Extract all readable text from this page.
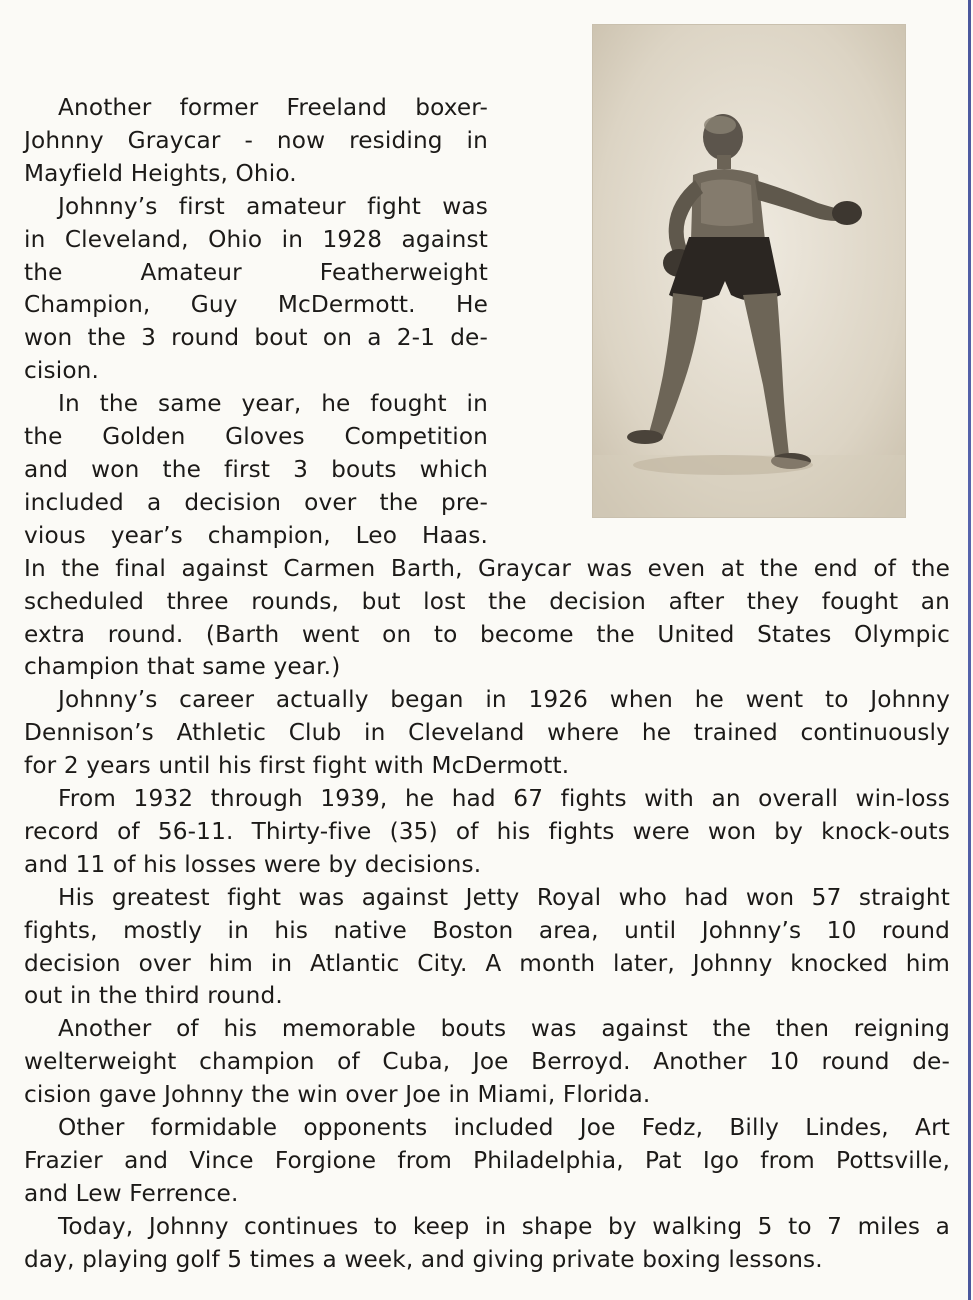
Another former Freeland boxer-
Johnny Graycar - now residing in
Mayfield Heights, Ohio.
Johnny’s first amateur fight was
in Cleveland, Ohio in 1928 against
the Amateur Featherweight
Champion, Guy McDermott. He
won the 3 round bout on a 2-1 de-
cision.
In the same year, he fought in
the Golden Gloves Competition
and won the first 3 bouts which
included a decision over the pre-
vious year’s champion, Leo Haas.
In the final against Carmen Barth, Graycar was even at the end of the
scheduled three rounds, but lost the decision after they fought an
extra round. (Barth went on to become the United States Olympic
champion that same year.)
Johnny’s career actually began in 1926 when he went to Johnny
Dennison’s Athletic Club in Cleveland where he trained continuously
for 2 years until his first fight with McDermott.
From 1932 through 1939, he had 67 fights with an overall win-loss
record of 56-11. Thirty-five (35) of his fights were won by knock-outs
and 11 of his losses were by decisions.
His greatest fight was against Jetty Royal who had won 57 straight
fights, mostly in his native Boston area, until Johnny’s 10 round
decision over him in Atlantic City. A month later, Johnny knocked him
out in the third round.
Another of his memorable bouts was against the then reigning
welterweight champion of Cuba, Joe Berroyd. Another 10 round de-
cision gave Johnny the win over Joe in Miami, Florida.
Other formidable opponents included Joe Fedz, Billy Lindes, Art
Frazier and Vince Forgione from Philadelphia, Pat Igo from Pottsville,
and Lew Ferrence.
Today, Johnny continues to keep in shape by walking 5 to 7 miles a
day, playing golf 5 times a week, and giving private boxing lessons.
